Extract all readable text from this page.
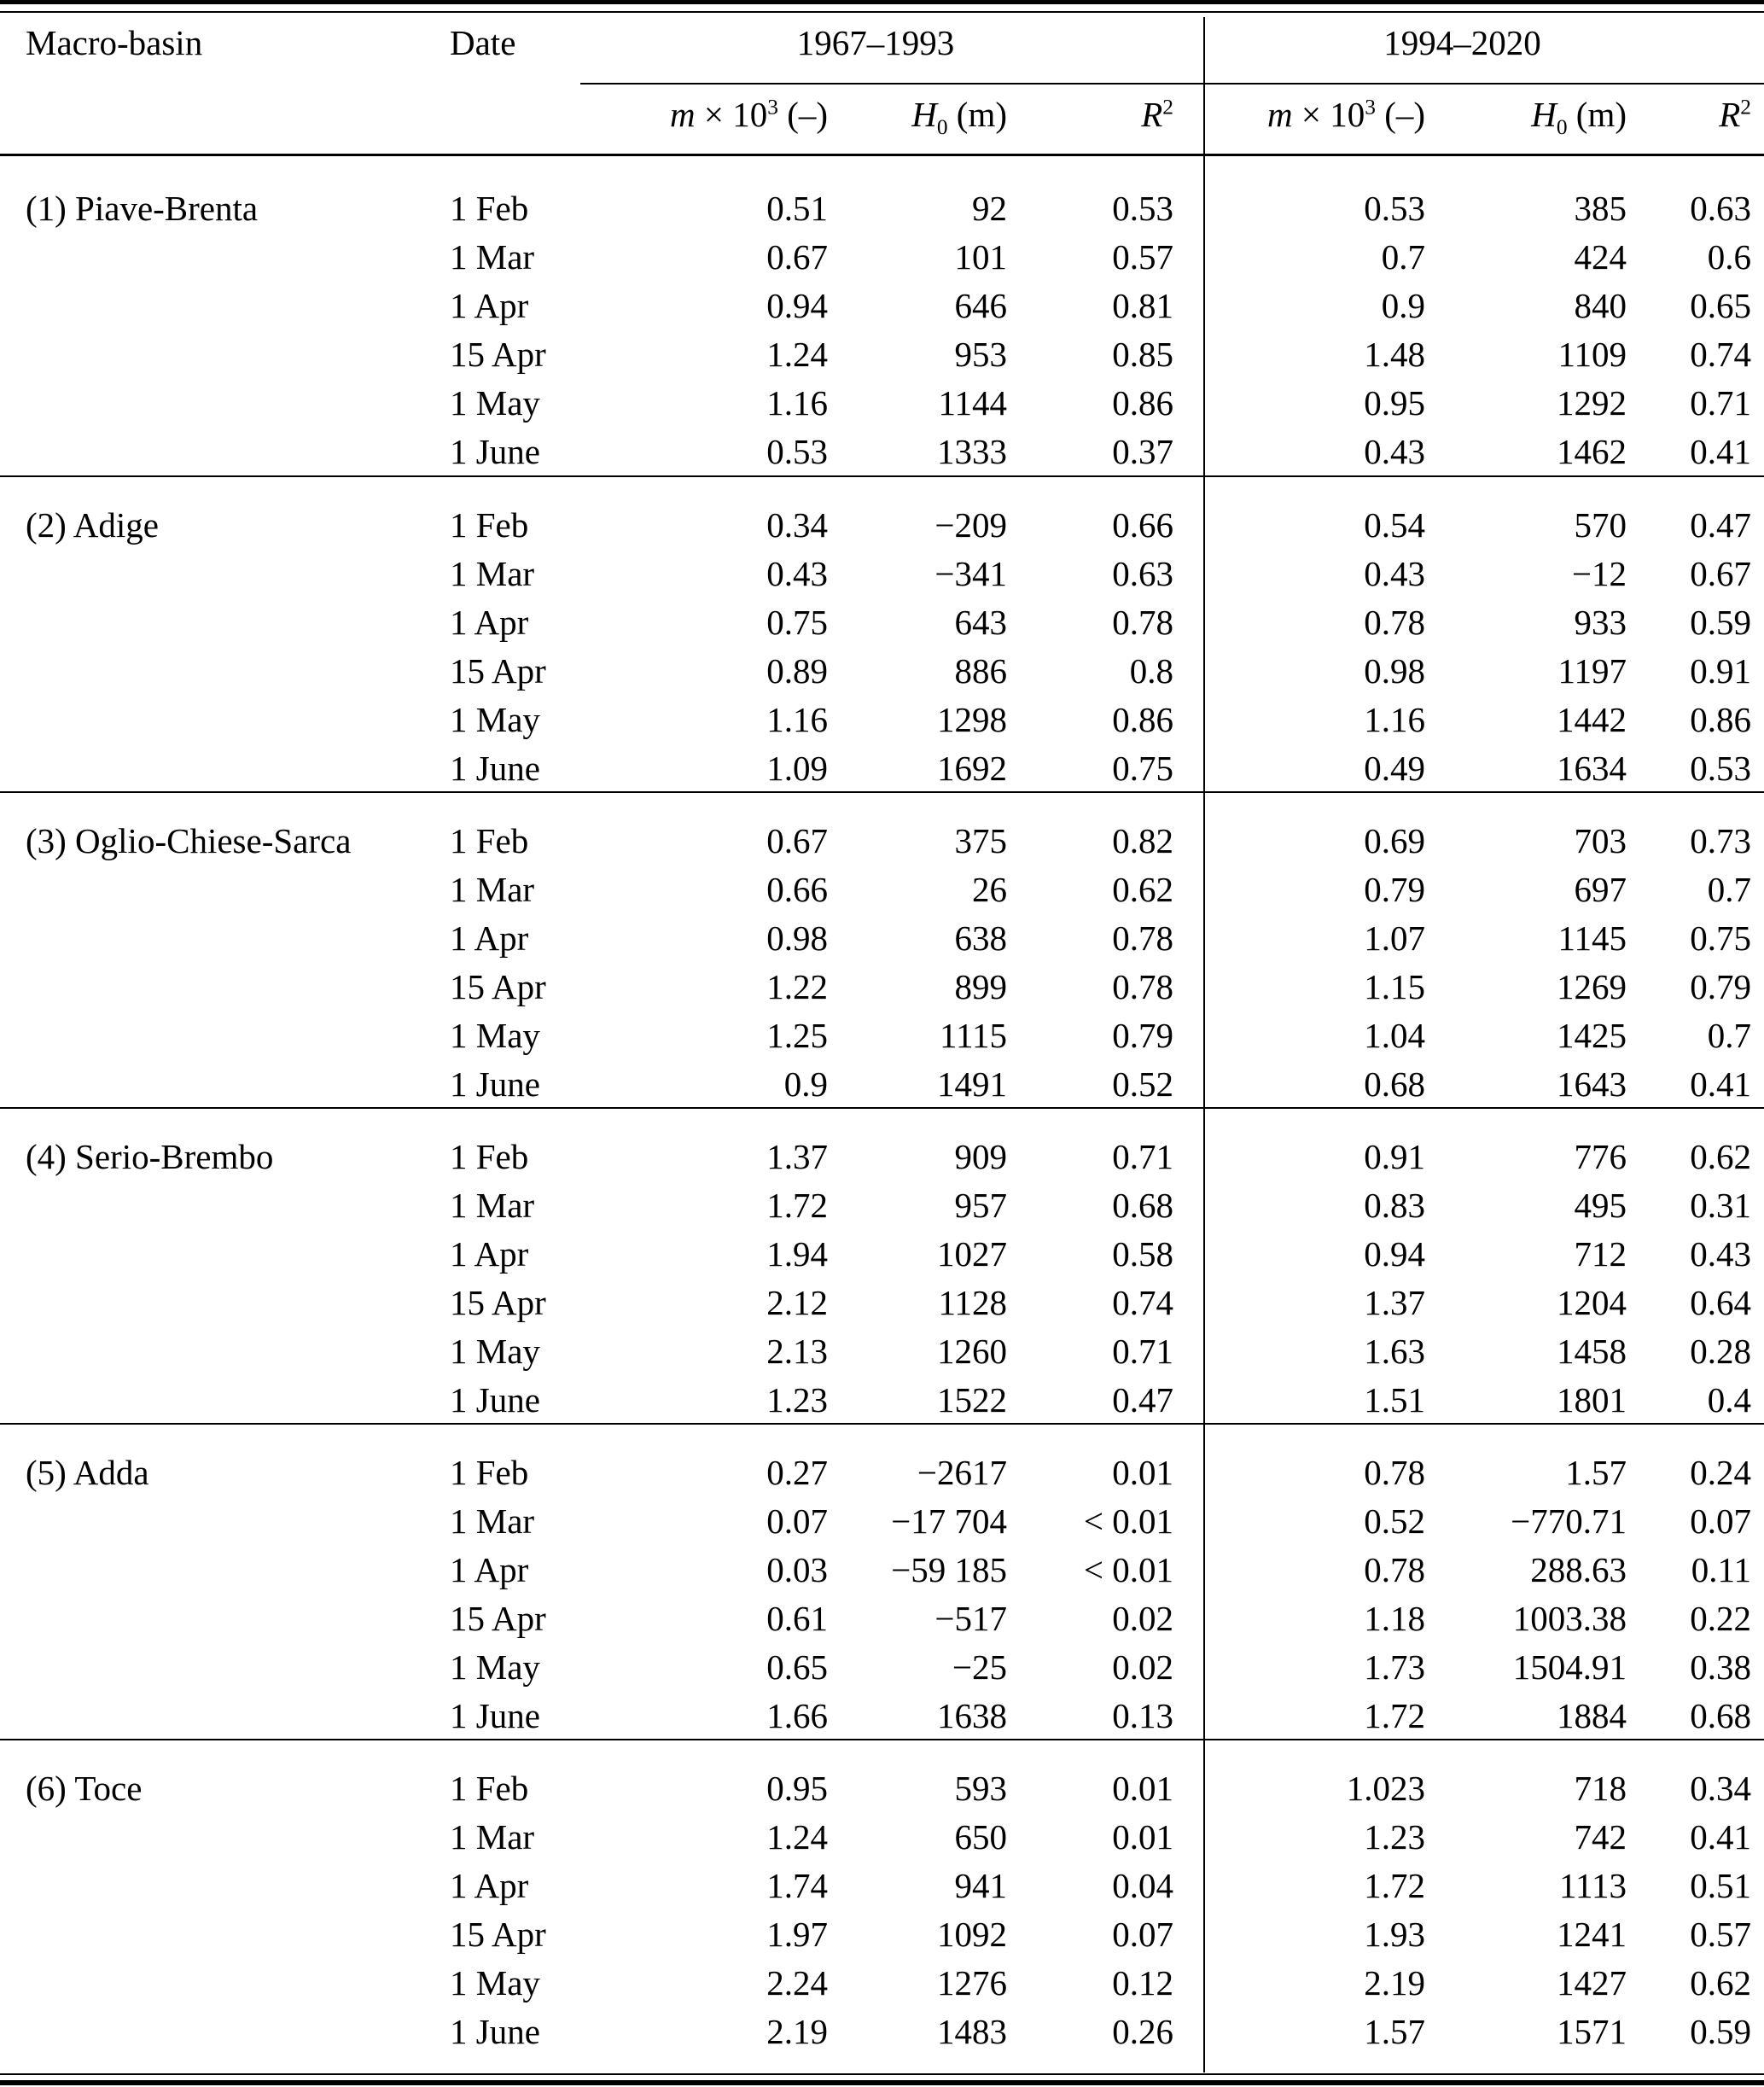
Macro-basin	Date	1967–1993	1994–2020
$m \times 10^3$ (–)	$H_0$ (m)	$R^2$	$m \times 10^3$ (–)	$H_0$ (m)	$R^2$
(1) Piave-Brenta	1 Feb	0.51	92	0.53	0.53	385	0.63
1 Mar	0.67	101	0.57	0.7	424	0.6
1 Apr	0.94	646	0.81	0.9	840	0.65
15 Apr	1.24	953	0.85	1.48	1109	0.74
1 May	1.16	1144	0.86	0.95	1292	0.71
1 June	0.53	1333	0.37	0.43	1462	0.41
(2) Adige	1 Feb	0.34	−209	0.66	0.54	570	0.47
1 Mar	0.43	−341	0.63	0.43	−12	0.67
1 Apr	0.75	643	0.78	0.78	933	0.59
15 Apr	0.89	886	0.8	0.98	1197	0.91
1 May	1.16	1298	0.86	1.16	1442	0.86
1 June	1.09	1692	0.75	0.49	1634	0.53
(3) Oglio-Chiese-Sarca	1 Feb	0.67	375	0.82	0.69	703	0.73
1 Mar	0.66	26	0.62	0.79	697	0.7
1 Apr	0.98	638	0.78	1.07	1145	0.75
15 Apr	1.22	899	0.78	1.15	1269	0.79
1 May	1.25	1115	0.79	1.04	1425	0.7
1 June	0.9	1491	0.52	0.68	1643	0.41
(4) Serio-Brembo	1 Feb	1.37	909	0.71	0.91	776	0.62
1 Mar	1.72	957	0.68	0.83	495	0.31
1 Apr	1.94	1027	0.58	0.94	712	0.43
15 Apr	2.12	1128	0.74	1.37	1204	0.64
1 May	2.13	1260	0.71	1.63	1458	0.28
1 June	1.23	1522	0.47	1.51	1801	0.4
(5) Adda	1 Feb	0.27	−2617	0.01	0.78	1.57	0.24
1 Mar	0.07	−17 704	< 0.01	0.52	−770.71	0.07
1 Apr	0.03	−59 185	< 0.01	0.78	288.63	0.11
15 Apr	0.61	−517	0.02	1.18	1003.38	0.22
1 May	0.65	−25	0.02	1.73	1504.91	0.38
1 June	1.66	1638	0.13	1.72	1884	0.68
(6) Toce	1 Feb	0.95	593	0.01	1.023	718	0.34
1 Mar	1.24	650	0.01	1.23	742	0.41
1 Apr	1.74	941	0.04	1.72	1113	0.51
15 Apr	1.97	1092	0.07	1.93	1241	0.57
1 May	2.24	1276	0.12	2.19	1427	0.62
1 June	2.19	1483	0.26	1.57	1571	0.59
